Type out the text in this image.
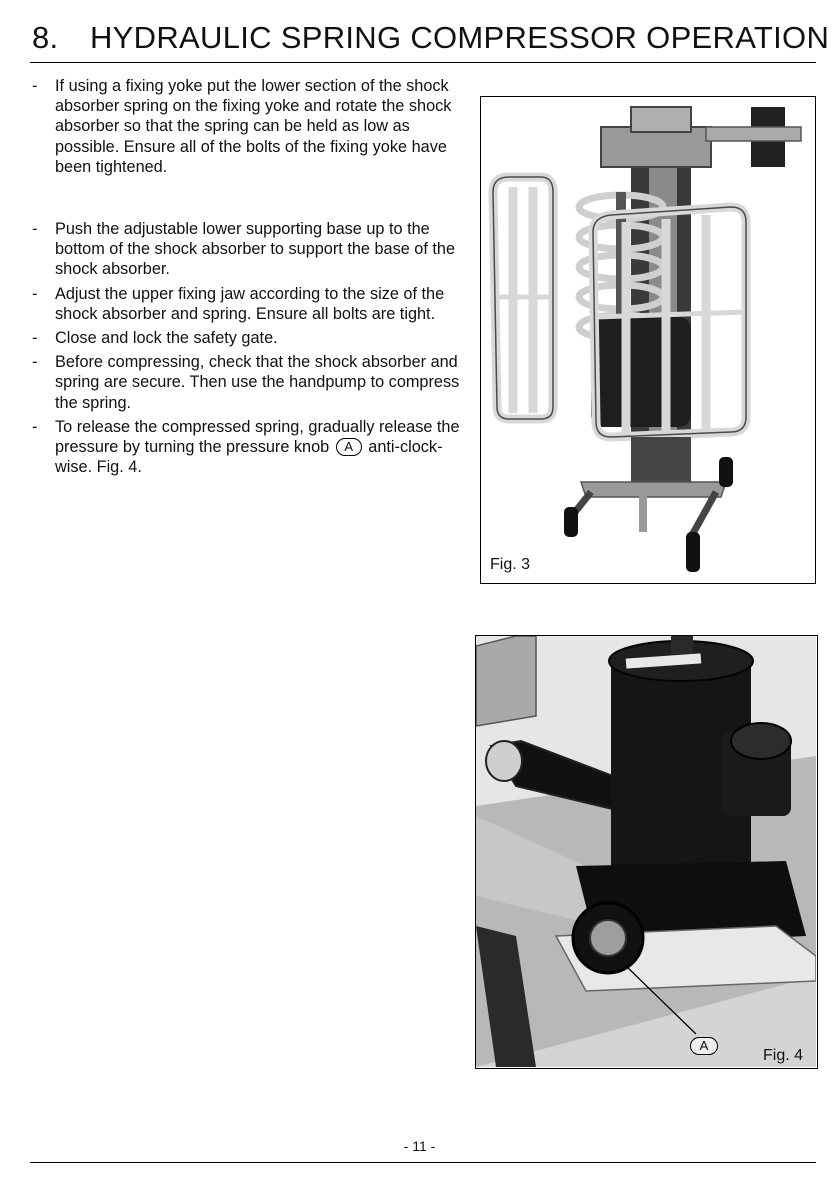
8. HYDRAULIC SPRING COMPRESSOR OPERATION
- If using a fixing yoke put the lower section of the shock absorber spring on the fixing yoke and rotate the shock absorber so that the spring can be held as low as possible. Ensure all of the bolts of the fixing yoke have been tightened.
- Push the adjustable lower supporting base up to the bottom of the shock absorber to support the base of the shock absorber.
- Adjust the upper fixing jaw according to the size of the shock absorber and spring. Ensure all bolts are tight.
- Close and lock the safety gate.
- Before compressing, check that the shock absorber and spring are secure. Then use the handpump to compress the spring.
- To release the compressed spring, gradually release the pressure by turning the pressure knob A anti-clock-wise. Fig. 4.
Fig. 3
A
Fig. 4
- 11 -
